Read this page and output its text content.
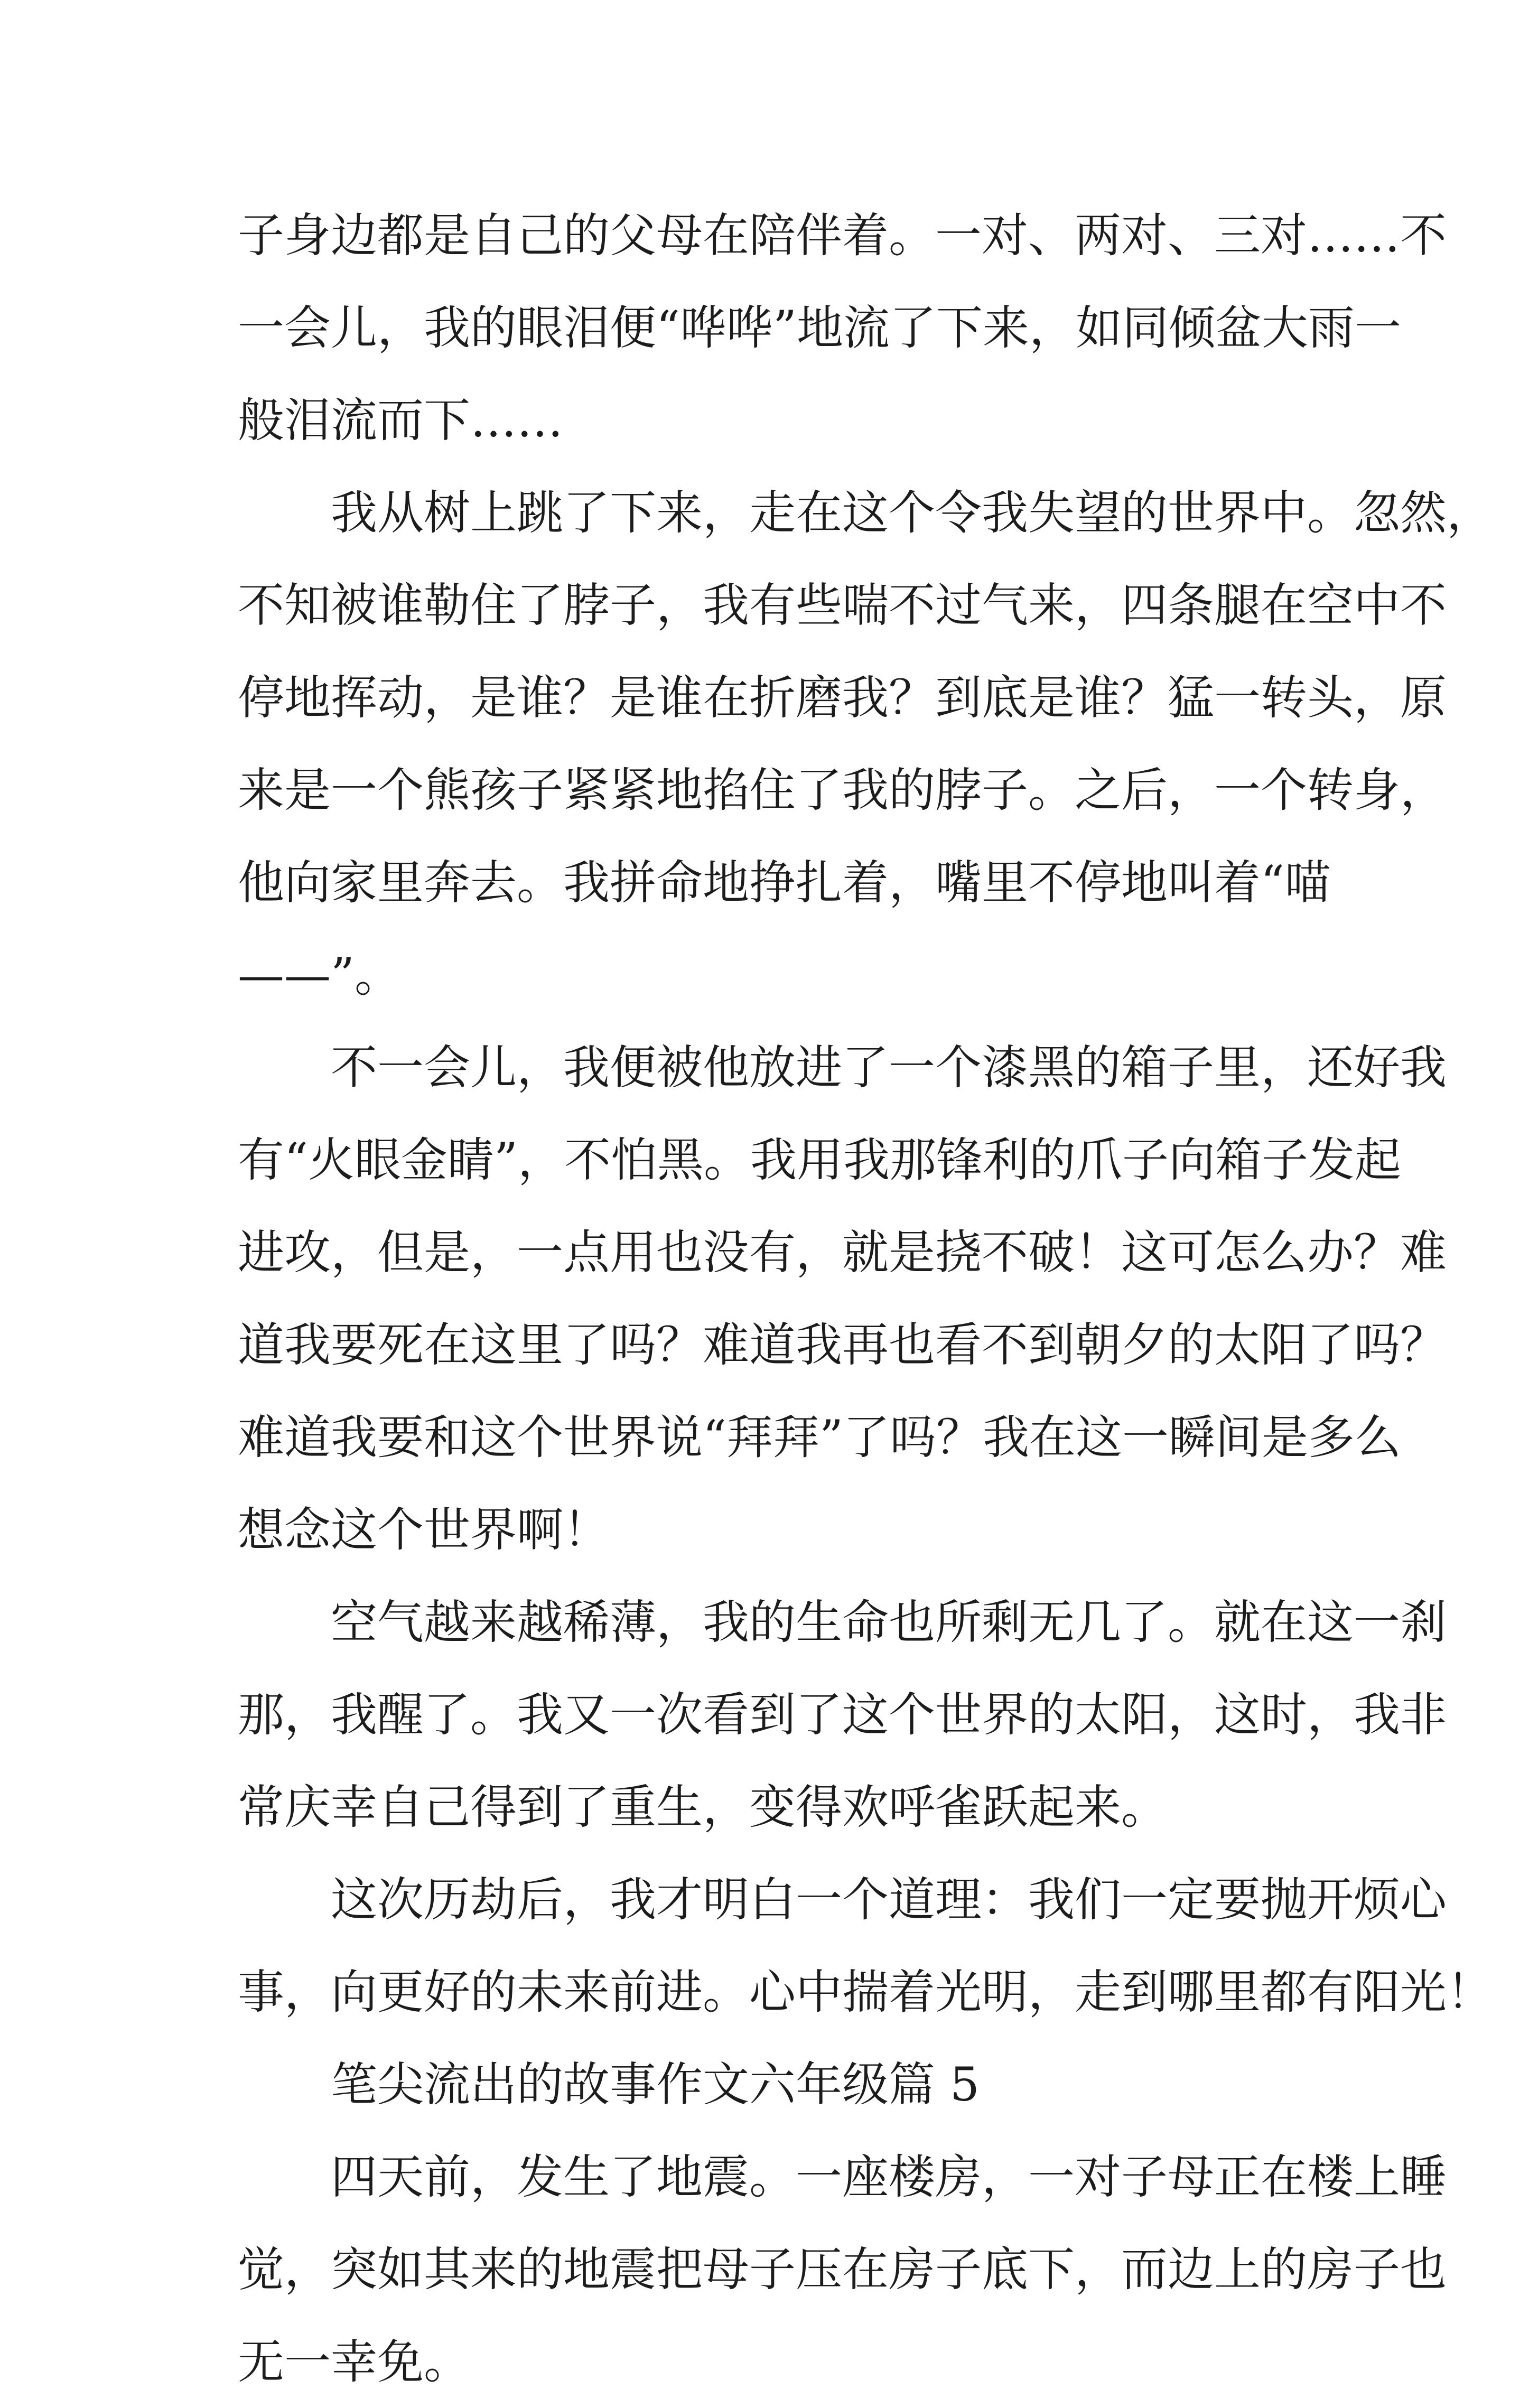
子身边都是自己的父母在陪伴着。一对、两对、三对……不
一会儿，我的眼泪便“哗哗”地流了下来，如同倾盆大雨一
般泪流而下……

我从树上跳了下来，走在这个令我失望的世界中。忽然，
不知被谁勒住了脖子，我有些喘不过气来，四条腿在空中不
停地挥动，是谁？是谁在折磨我？到底是谁？猛一转头，原
来是一个熊孩子紧紧地掐住了我的脖子。之后，一个转身，
他向家里奔去。我拼命地挣扎着，嘴里不停地叫着“喵
——”。

不一会儿，我便被他放进了一个漆黑的箱子里，还好我
有“火眼金睛”，不怕黑。我用我那锋利的爪子向箱子发起
进攻，但是，一点用也没有，就是挠不破！这可怎么办？难
道我要死在这里了吗？难道我再也看不到朝夕的太阳了吗？
难道我要和这个世界说“拜拜”了吗？我在这一瞬间是多么
想念这个世界啊！

空气越来越稀薄，我的生命也所剩无几了。就在这一刹
那，我醒了。我又一次看到了这个世界的太阳，这时，我非
常庆幸自己得到了重生，变得欢呼雀跃起来。

这次历劫后，我才明白一个道理：我们一定要抛开烦心
事，向更好的未来前进。心中揣着光明，走到哪里都有阳光！

笔尖流出的故事作文六年级篇 5

四天前，发生了地震。一座楼房，一对子母正在楼上睡
觉，突如其来的地震把母子压在房子底下，而边上的房子也
无一幸免。
